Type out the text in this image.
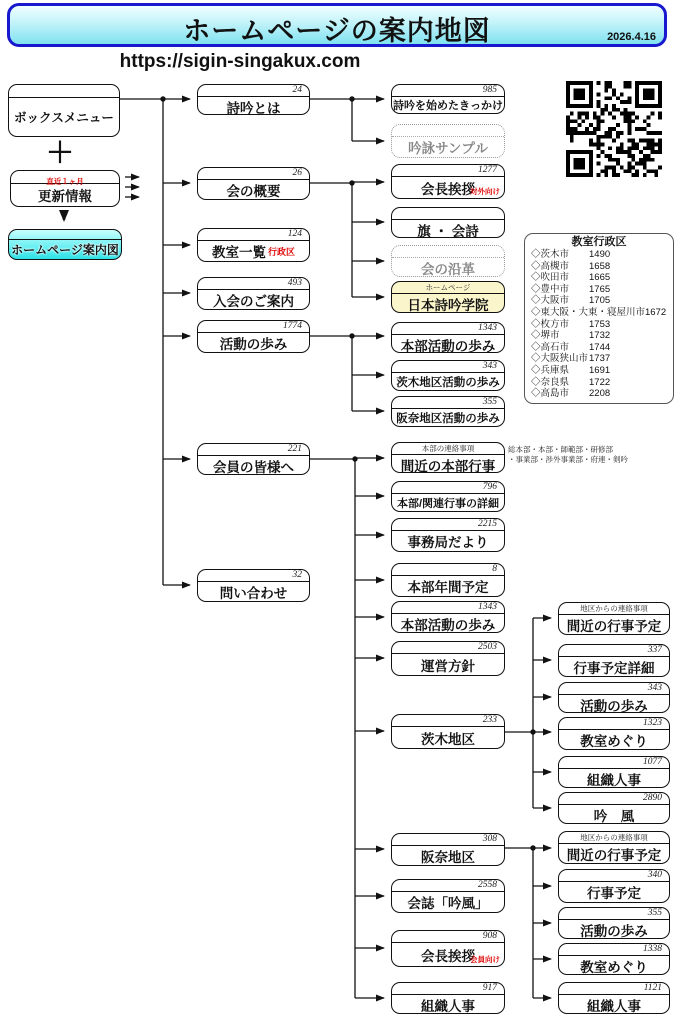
ホームページの案内地図	2026.4.16
https://sigin-singakux.com
ボックスメニュー
＋
直近１ヶ月
更新情報
ホームページ案内図
教室行政区
◇茨木市	1490
◇高槻市	1658
◇吹田市	1665
◇豊中市	1765
◇大阪市	1705
◇東大阪・大東・寝屋川市 1672
◇枚方市	1753
◇堺市	1732
◇高石市	1744
◇大阪狭山市 1737
◇兵庫県	1691
◇奈良県	1722
◇高島市	2208
総本部・本部・師範部・研修部
・事業部・渉外事業部・府連・剣吟
24
詩吟とは
26
会の概要
124
教室一覧 行政区
493
入会のご案内
1774
活動の歩み
221
会員の皆様へ
32
問い合わせ
985
詩吟を始めたきっかけ
吟詠サンプル
1277
会長挨拶
対外向け
旗 ・ 会詩
会の沿革
ホームページ
日本詩吟学院
1343
本部活動の歩み
343
茨木地区活動の歩み
355
阪奈地区活動の歩み
本部の連絡事項
間近の本部行事
796
本部/関連行事の詳細
2215
事務局だより
8
本部年間予定
1343
本部活動の歩み
2503
運営方針
233
茨木地区
308
阪奈地区
2558
会誌「吟風」
908
会長挨拶
会員向け
917
組織人事
地区からの連絡事項
間近の行事予定
337
行事予定詳細
343
活動の歩み
1323
教室めぐり
1077
組織人事
2890
吟　風
地区からの連絡事項
間近の行事予定
340
行事予定
355
活動の歩み
1338
教室めぐり
1121
組織人事
